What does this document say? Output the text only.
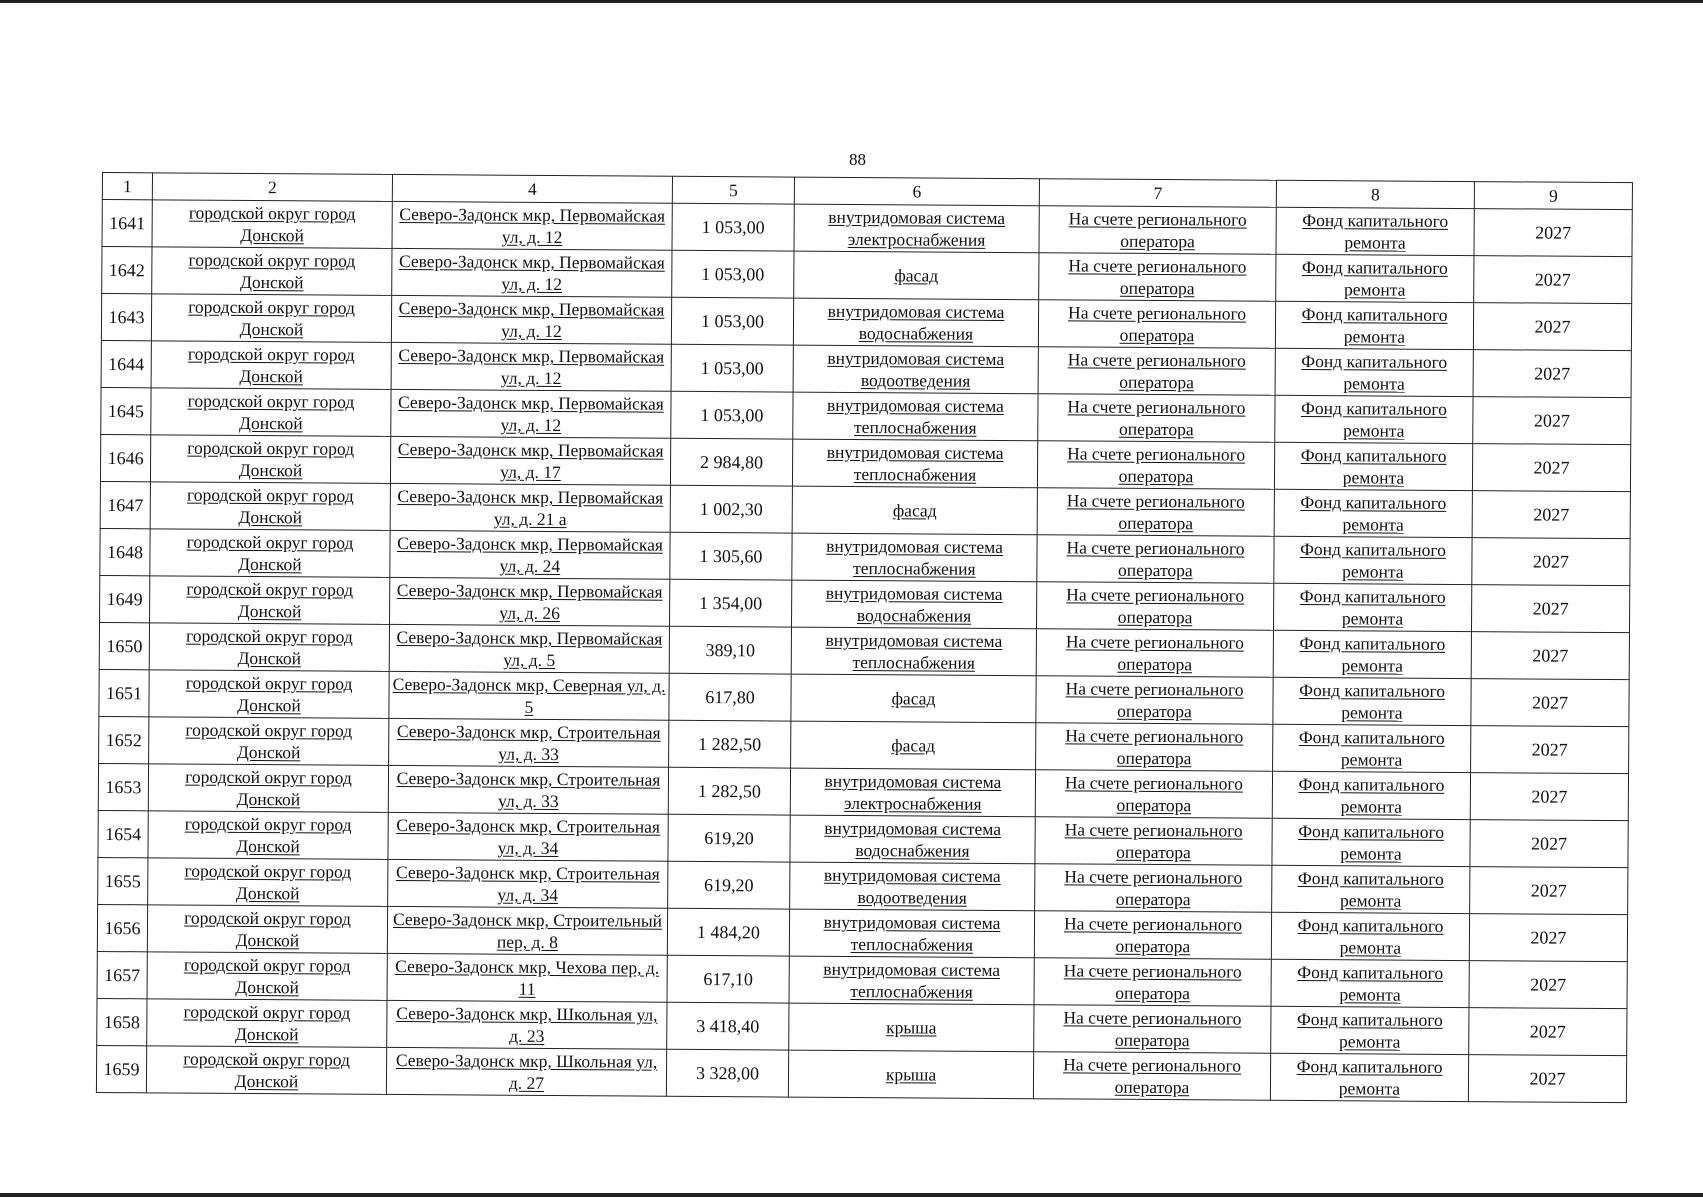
88
1	2	4	5	6	7	8	9
1641	городской округ город Донской	Северо-Задонск мкр, Первомайская ул, д. 12	1 053,00	внутридомовая система электроснабжения	На счете регионального оператора	Фонд капитального ремонта	2027
1642	городской округ город Донской	Северо-Задонск мкр, Первомайская ул, д. 12	1 053,00	фасад	На счете регионального оператора	Фонд капитального ремонта	2027
1643	городской округ город Донской	Северо-Задонск мкр, Первомайская ул, д. 12	1 053,00	внутридомовая система водоснабжения	На счете регионального оператора	Фонд капитального ремонта	2027
1644	городской округ город Донской	Северо-Задонск мкр, Первомайская ул, д. 12	1 053,00	внутридомовая система водоотведения	На счете регионального оператора	Фонд капитального ремонта	2027
1645	городской округ город Донской	Северо-Задонск мкр, Первомайская ул, д. 12	1 053,00	внутридомовая система теплоснабжения	На счете регионального оператора	Фонд капитального ремонта	2027
1646	городской округ город Донской	Северо-Задонск мкр, Первомайская ул, д. 17	2 984,80	внутридомовая система теплоснабжения	На счете регионального оператора	Фонд капитального ремонта	2027
1647	городской округ город Донской	Северо-Задонск мкр, Первомайская ул, д. 21 а	1 002,30	фасад	На счете регионального оператора	Фонд капитального ремонта	2027
1648	городской округ город Донской	Северо-Задонск мкр, Первомайская ул, д. 24	1 305,60	внутридомовая система теплоснабжения	На счете регионального оператора	Фонд капитального ремонта	2027
1649	городской округ город Донской	Северо-Задонск мкр, Первомайская ул, д. 26	1 354,00	внутридомовая система водоснабжения	На счете регионального оператора	Фонд капитального ремонта	2027
1650	городской округ город Донской	Северо-Задонск мкр, Первомайская ул, д. 5	389,10	внутридомовая система теплоснабжения	На счете регионального оператора	Фонд капитального ремонта	2027
1651	городской округ город Донской	Северо-Задонск мкр, Северная ул, д. 5	617,80	фасад	На счете регионального оператора	Фонд капитального ремонта	2027
1652	городской округ город Донской	Северо-Задонск мкр, Строительная ул, д. 33	1 282,50	фасад	На счете регионального оператора	Фонд капитального ремонта	2027
1653	городской округ город Донской	Северо-Задонск мкр, Строительная ул, д. 33	1 282,50	внутридомовая система электроснабжения	На счете регионального оператора	Фонд капитального ремонта	2027
1654	городской округ город Донской	Северо-Задонск мкр, Строительная ул, д. 34	619,20	внутридомовая система водоснабжения	На счете регионального оператора	Фонд капитального ремонта	2027
1655	городской округ город Донской	Северо-Задонск мкр, Строительная ул, д. 34	619,20	внутридомовая система водоотведения	На счете регионального оператора	Фонд капитального ремонта	2027
1656	городской округ город Донской	Северо-Задонск мкр, Строительный пер, д. 8	1 484,20	внутридомовая система теплоснабжения	На счете регионального оператора	Фонд капитального ремонта	2027
1657	городской округ город Донской	Северо-Задонск мкр, Чехова пер, д. 11	617,10	внутридомовая система теплоснабжения	На счете регионального оператора	Фонд капитального ремонта	2027
1658	городской округ город Донской	Северо-Задонск мкр, Школьная ул, д. 23	3 418,40	крыша	На счете регионального оператора	Фонд капитального ремонта	2027
1659	городской округ город Донской	Северо-Задонск мкр, Школьная ул, д. 27	3 328,00	крыша	На счете регионального оператора	Фонд капитального ремонта	2027
